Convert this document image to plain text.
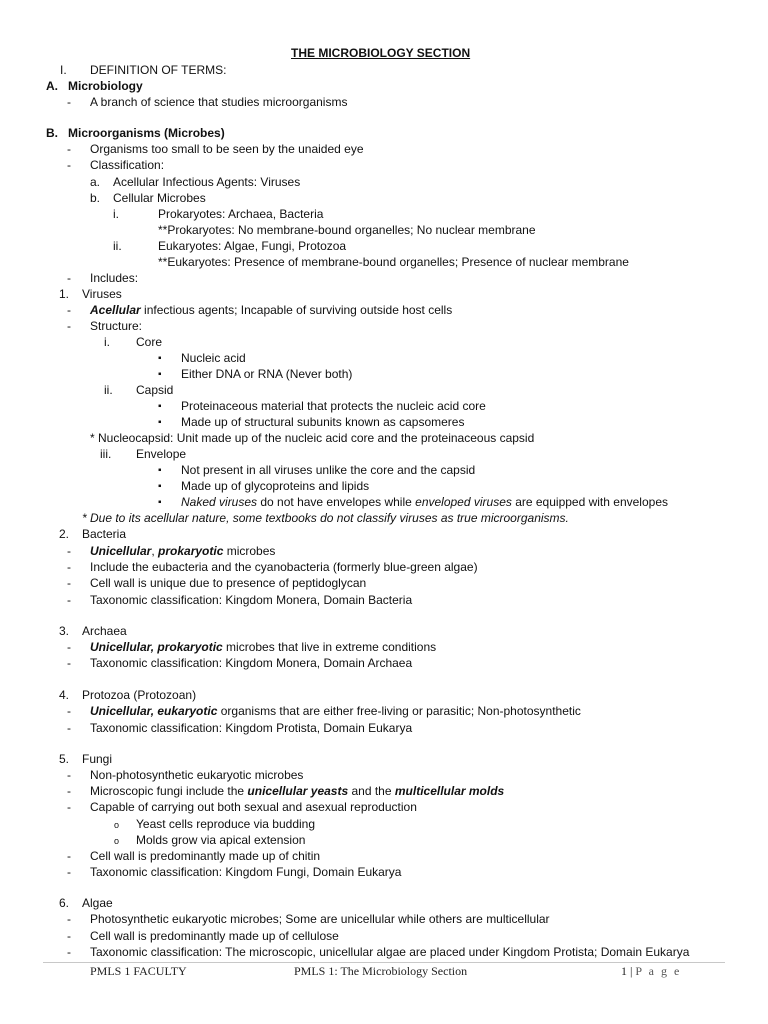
THE MICROBIOLOGY SECTION
I. DEFINITION OF TERMS:
A. Microbiology
- A branch of science that studies microorganisms
B. Microorganisms (Microbes)
- Organisms too small to be seen by the unaided eye
- Classification:
a. Acellular Infectious Agents: Viruses
b. Cellular Microbes
i.	Prokaryotes: Archaea, Bacteria
**Prokaryotes: No membrane-bound organelles; No nuclear membrane
ii.	Eukaryotes: Algae, Fungi, Protozoa
**Eukaryotes: Presence of membrane-bound organelles; Presence of nuclear membrane
- Includes:
1. Viruses
- Acellular infectious agents; Incapable of surviving outside host cells
- Structure:
i. Core
▪ Nucleic acid
▪ Either DNA or RNA (Never both)
ii. Capsid
▪ Proteinaceous material that protects the nucleic acid core
▪ Made up of structural subunits known as capsomeres
* Nucleocapsid: Unit made up of the nucleic acid core and the proteinaceous capsid
iii. Envelope
▪ Not present in all viruses unlike the core and the capsid
▪ Made up of glycoproteins and lipids
▪ Naked viruses do not have envelopes while enveloped viruses are equipped with envelopes
* Due to its acellular nature, some textbooks do not classify viruses as true microorganisms.
2. Bacteria
- Unicellular, prokaryotic microbes
- Include the eubacteria and the cyanobacteria (formerly blue-green algae)
- Cell wall is unique due to presence of peptidoglycan
- Taxonomic classification: Kingdom Monera, Domain Bacteria
3. Archaea
- Unicellular, prokaryotic microbes that live in extreme conditions
- Taxonomic classification: Kingdom Monera, Domain Archaea
4. Protozoa (Protozoan)
- Unicellular, eukaryotic organisms that are either free-living or parasitic; Non-photosynthetic
- Taxonomic classification: Kingdom Protista, Domain Eukarya
5. Fungi
- Non-photosynthetic eukaryotic microbes
- Microscopic fungi include the unicellular yeasts and the multicellular molds
- Capable of carrying out both sexual and asexual reproduction
o Yeast cells reproduce via budding
o Molds grow via apical extension
- Cell wall is predominantly made up of chitin
- Taxonomic classification: Kingdom Fungi, Domain Eukarya
6. Algae
- Photosynthetic eukaryotic microbes; Some are unicellular while others are multicellular
- Cell wall is predominantly made up of cellulose
- Taxonomic classification: The microscopic, unicellular algae are placed under Kingdom Protista; Domain Eukarya
PMLS 1 FACULTY	PMLS 1: The Microbiology Section	1 | P a g e
